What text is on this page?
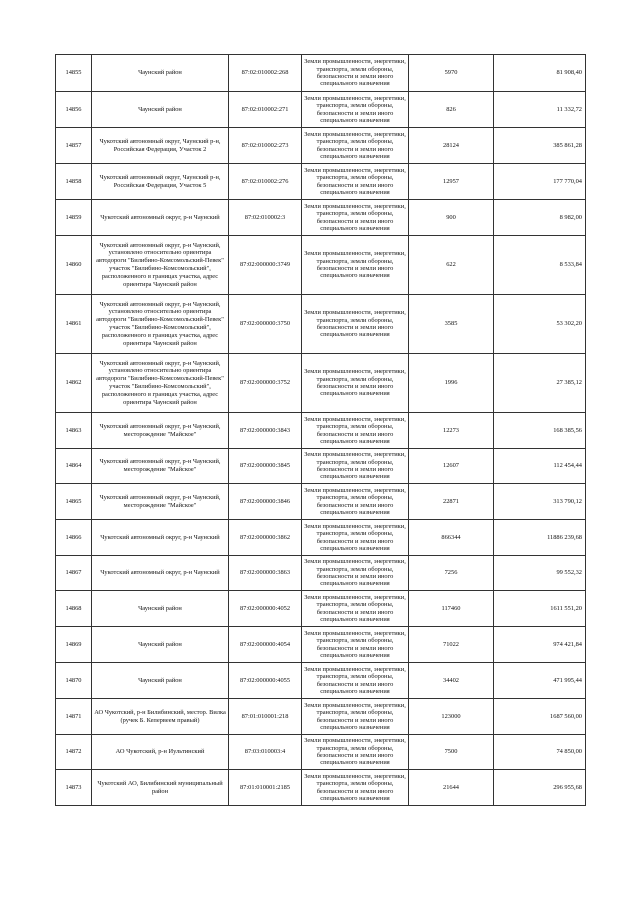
14855	Чаунский район	87:02:010002:268	Земли промышленности, энергетики, транспорта, земли обороны, безопасности и земли иного специального назначения	5970	81 908,40
14856	Чаунский район	87:02:010002:271	Земли промышленности, энергетики, транспорта, земли обороны, безопасности и земли иного специального назначения	826	11 332,72
14857	Чукотский автономный округ, Чаунский р-н, Российская Федерация, Участок 2	87:02:010002:273	Земли промышленности, энергетики, транспорта, земли обороны, безопасности и земли иного специального назначения	28124	385 861,28
14858	Чукотский автономный округ, Чаунский р-н, Российская Федерация, Участок 5	87:02:010002:276	Земли промышленности, энергетики, транспорта, земли обороны, безопасности и земли иного специального назначения	12957	177 770,04
14859	Чукотский автономный округ, р-н Чаунский	87:02:010002:3	Земли промышленности, энергетики, транспорта, земли обороны, безопасности и земли иного специального назначения	900	8 982,00
14860	Чукотский автономный округ, р-н Чаунский, установлено относительно ориентира автодороги "Билибино-Комсомольский-Певек" участок "Билибино-Комсомольский", расположенного в границах участка, адрес ориентира Чаунский район	87:02:000000:3749	Земли промышленности, энергетики, транспорта, земли обороны, безопасности и земли иного специального назначения	622	8 533,84
14861	Чукотский автономный округ, р-н Чаунский, установлено относительно ориентира автодороги "Билибино-Комсомольский-Певек" участок "Билибино-Комсомольский", расположенного в границах участка, адрес ориентира Чаунский район	87:02:000000:3750	Земли промышленности, энергетики, транспорта, земли обороны, безопасности и земли иного специального назначения	3585	53 302,20
14862	Чукотский автономный округ, р-н Чаунский, установлено относительно ориентира автодороги "Билибино-Комсомольский-Певек" участок "Билибино-Комсомольский", расположенного в границах участка, адрес ориентира Чаунский район	87:02:000000:3752	Земли промышленности, энергетики, транспорта, земли обороны, безопасности и земли иного специального назначения	1996	27 385,12
14863	Чукотский автономный округ, р-н Чаунский, месторождение "Майское"	87:02:000000:3843	Земли промышленности, энергетики, транспорта, земли обороны, безопасности и земли иного специального назначения	12273	168 385,56
14864	Чукотский автономный округ, р-н Чаунский, месторождение "Майское"	87:02:000000:3845	Земли промышленности, энергетики, транспорта, земли обороны, безопасности и земли иного специального назначения	12607	112 454,44
14865	Чукотский автономный округ, р-н Чаунский, месторождение "Майское"	87:02:000000:3846	Земли промышленности, энергетики, транспорта, земли обороны, безопасности и земли иного специального назначения	22871	313 790,12
14866	Чукотский автономный округ, р-н Чаунский	87:02:000000:3862	Земли промышленности, энергетики, транспорта, земли обороны, безопасности и земли иного специального назначения	866344	11886 239,68
14867	Чукотский автономный округ, р-н Чаунский	87:02:000000:3863	Земли промышленности, энергетики, транспорта, земли обороны, безопасности и земли иного специального назначения	7256	99 552,32
14868	Чаунский район	87:02:000000:4052	Земли промышленности, энергетики, транспорта, земли обороны, безопасности и земли иного специального назначения	117460	1611 551,20
14869	Чаунский район	87:02:000000:4054	Земли промышленности, энергетики, транспорта, земли обороны, безопасности и земли иного специального назначения	71022	974 421,84
14870	Чаунский район	87:02:000000:4055	Земли промышленности, энергетики, транспорта, земли обороны, безопасности и земли иного специального назначения	34402	471 995,44
14871	АО Чукотский, р-н Билибинский, местор. Вилка (ручек Б. Кепервеем правый)	87:01:010001:218	Земли промышленности, энергетики, транспорта, земли обороны, безопасности и земли иного специального назначения	123000	1687 560,00
14872	АО Чукотский, р-н Иультинский	87:03:010003:4	Земли промышленности, энергетики, транспорта, земли обороны, безопасности и земли иного специального назначения	7500	74 850,00
14873	Чукотский АО, Билибинский муниципальный район	87:01:010001:2185	Земли промышленности, энергетики, транспорта, земли обороны, безопасности и земли иного специального назначения	21644	296 955,68
